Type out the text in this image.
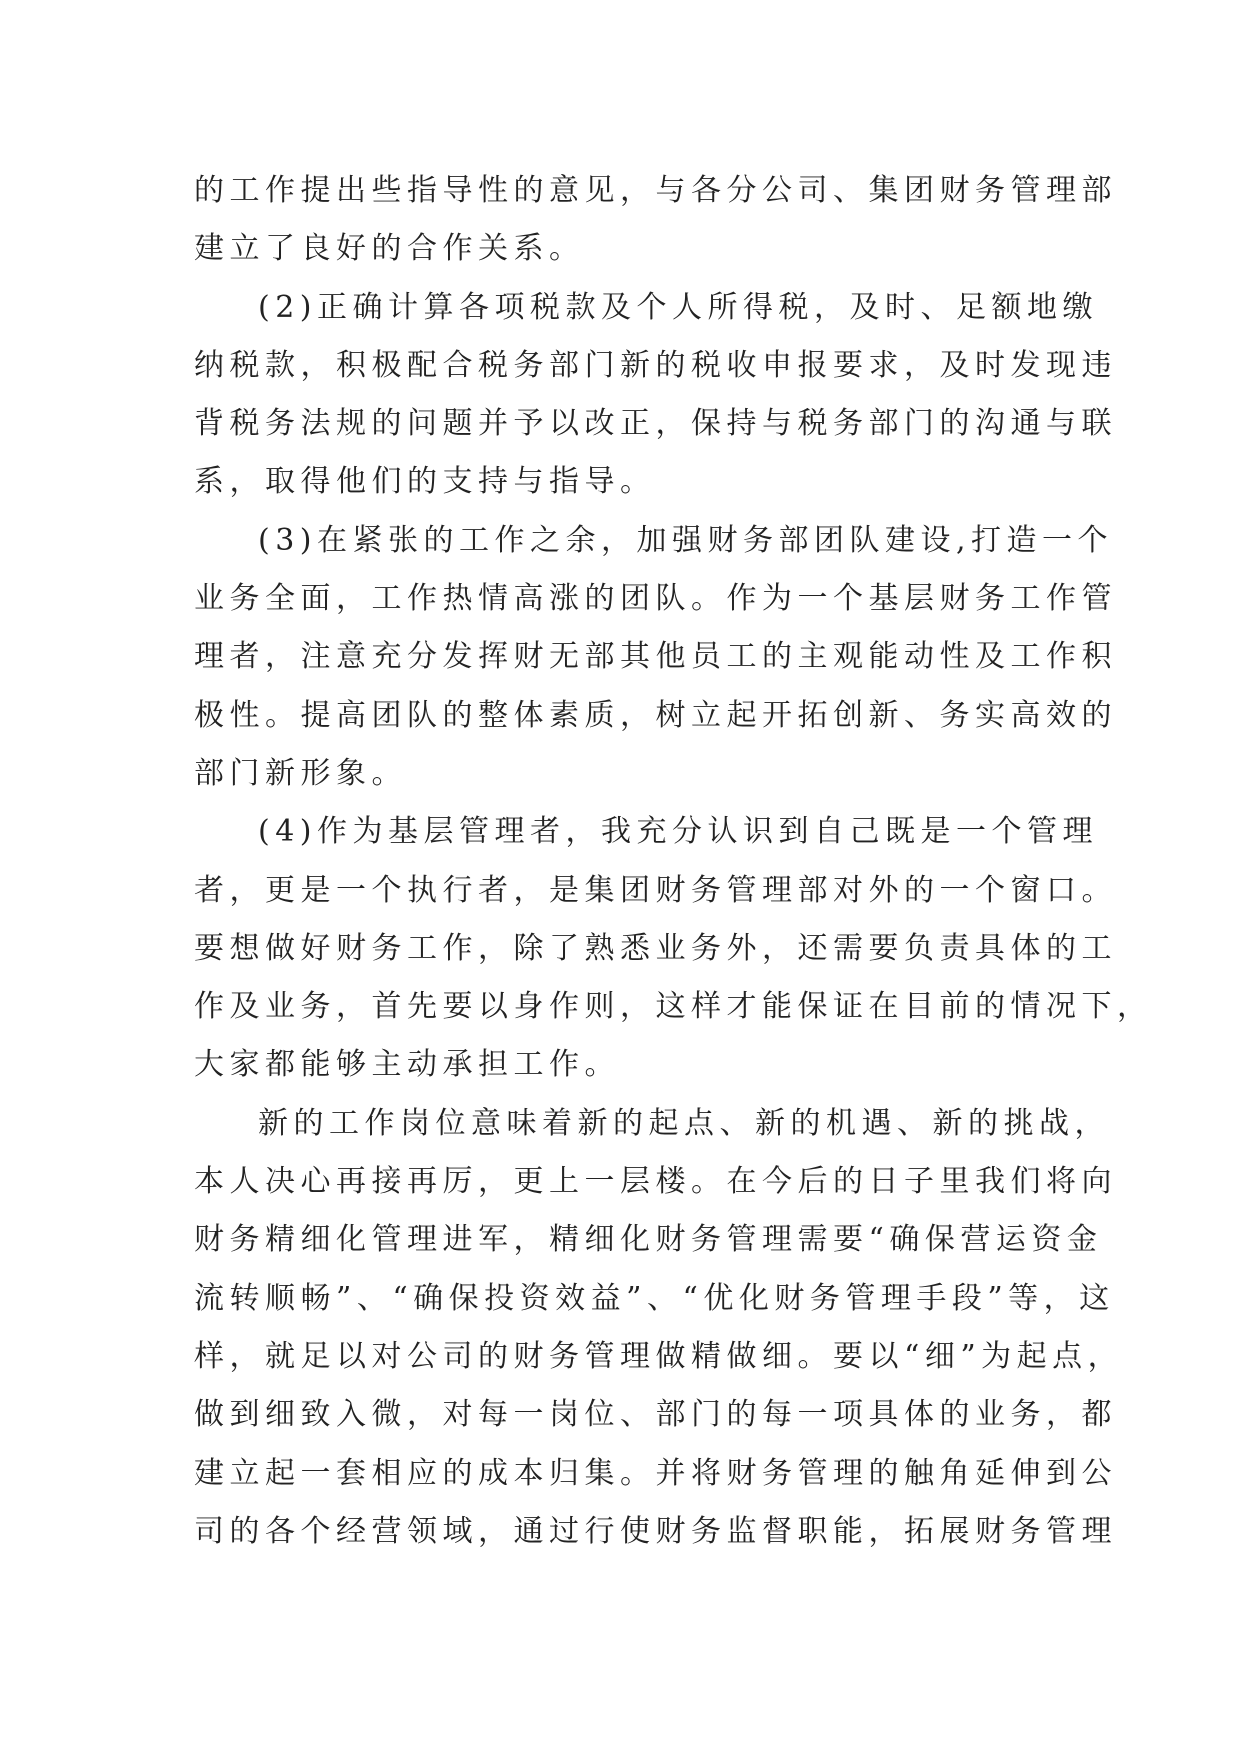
的工作提出些指导性的意见，与各分公司、集团财务管理部
建立了良好的合作关系。
(2)正确计算各项税款及个人所得税，及时、足额地缴
纳税款，积极配合税务部门新的税收申报要求，及时发现违
背税务法规的问题并予以改正，保持与税务部门的沟通与联
系，取得他们的支持与指导。
(3)在紧张的工作之余，加强财务部团队建设,打造一个
业务全面，工作热情高涨的团队。作为一个基层财务工作管
理者，注意充分发挥财无部其他员工的主观能动性及工作积
极性。提高团队的整体素质，树立起开拓创新、务实高效的
部门新形象。
(4)作为基层管理者，我充分认识到自己既是一个管理
者，更是一个执行者，是集团财务管理部对外的一个窗口。
要想做好财务工作，除了熟悉业务外，还需要负责具体的工
作及业务，首先要以身作则，这样才能保证在目前的情况下，
大家都能够主动承担工作。
新的工作岗位意味着新的起点、新的机遇、新的挑战，
本人决心再接再厉，更上一层楼。在今后的日子里我们将向
财务精细化管理进军，精细化财务管理需要“确保营运资金
流转顺畅”、“确保投资效益”、“优化财务管理手段”等，这
样，就足以对公司的财务管理做精做细。要以“细”为起点，
做到细致入微，对每一岗位、部门的每一项具体的业务，都
建立起一套相应的成本归集。并将财务管理的触角延伸到公
司的各个经营领域，通过行使财务监督职能，拓展财务管理
